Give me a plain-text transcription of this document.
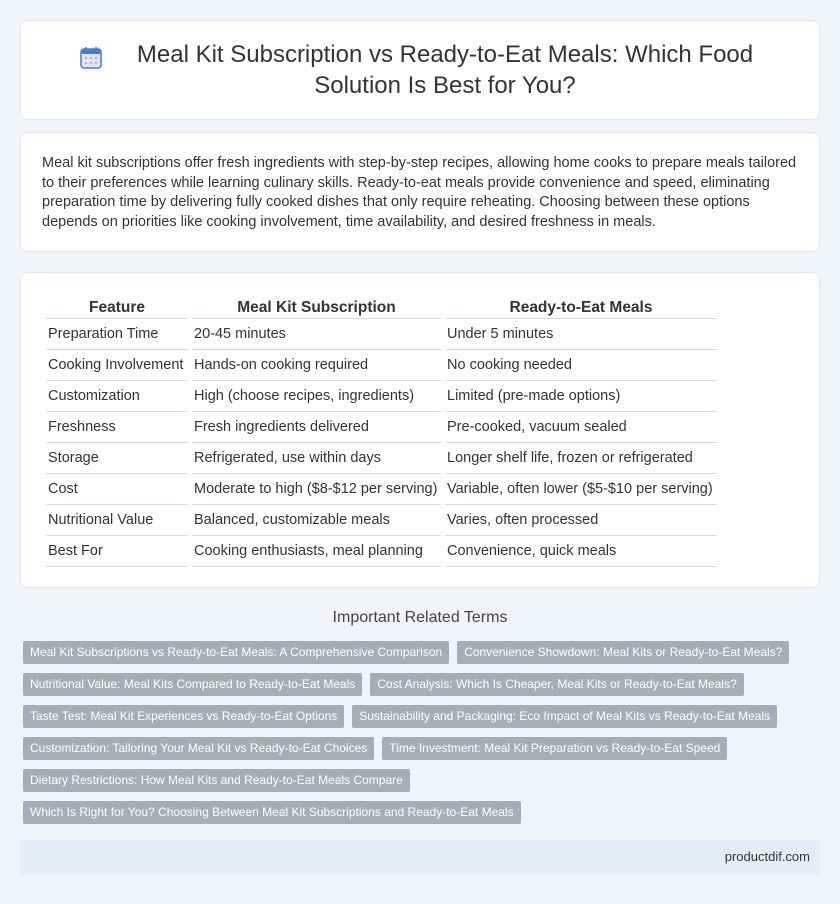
Meal Kit Subscription vs Ready-to-Eat Meals: Which Food Solution Is Best for You?

Meal kit subscriptions offer fresh ingredients with step-by-step recipes, allowing home cooks to prepare meals tailored to their preferences while learning culinary skills. Ready-to-eat meals provide convenience and speed, eliminating preparation time by delivering fully cooked dishes that only require reheating. Choosing between these options depends on priorities like cooking involvement, time availability, and desired freshness in meals.

Feature	Meal Kit Subscription	Ready-to-Eat Meals
Preparation Time	20-45 minutes	Under 5 minutes
Cooking Involvement	Hands-on cooking required	No cooking needed
Customization	High (choose recipes, ingredients)	Limited (pre-made options)
Freshness	Fresh ingredients delivered	Pre-cooked, vacuum sealed
Storage	Refrigerated, use within days	Longer shelf life, frozen or refrigerated
Cost	Moderate to high ($8-$12 per serving)	Variable, often lower ($5-$10 per serving)
Nutritional Value	Balanced, customizable meals	Varies, often processed
Best For	Cooking enthusiasts, meal planning	Convenience, quick meals
Important Related Terms
Meal Kit Subscriptions vs Ready-to-Eat Meals: A Comprehensive Comparison	Convenience Showdown: Meal Kits or Ready-to-Eat Meals?
Nutritional Value: Meal Kits Compared to Ready-to-Eat Meals	Cost Analysis: Which Is Cheaper, Meal Kits or Ready-to-Eat Meals?
Taste Test: Meal Kit Experiences vs Ready-to-Eat Options	Sustainability and Packaging: Eco Impact of Meal Kits vs Ready-to-Eat Meals
Customization: Tailoring Your Meal Kit vs Ready-to-Eat Choices	Time Investment: Meal Kit Preparation vs Ready-to-Eat Speed
Dietary Restrictions: How Meal Kits and Ready-to-Eat Meals Compare
Which Is Right for You? Choosing Between Meal Kit Subscriptions and Ready-to-Eat Meals
productdif.com
